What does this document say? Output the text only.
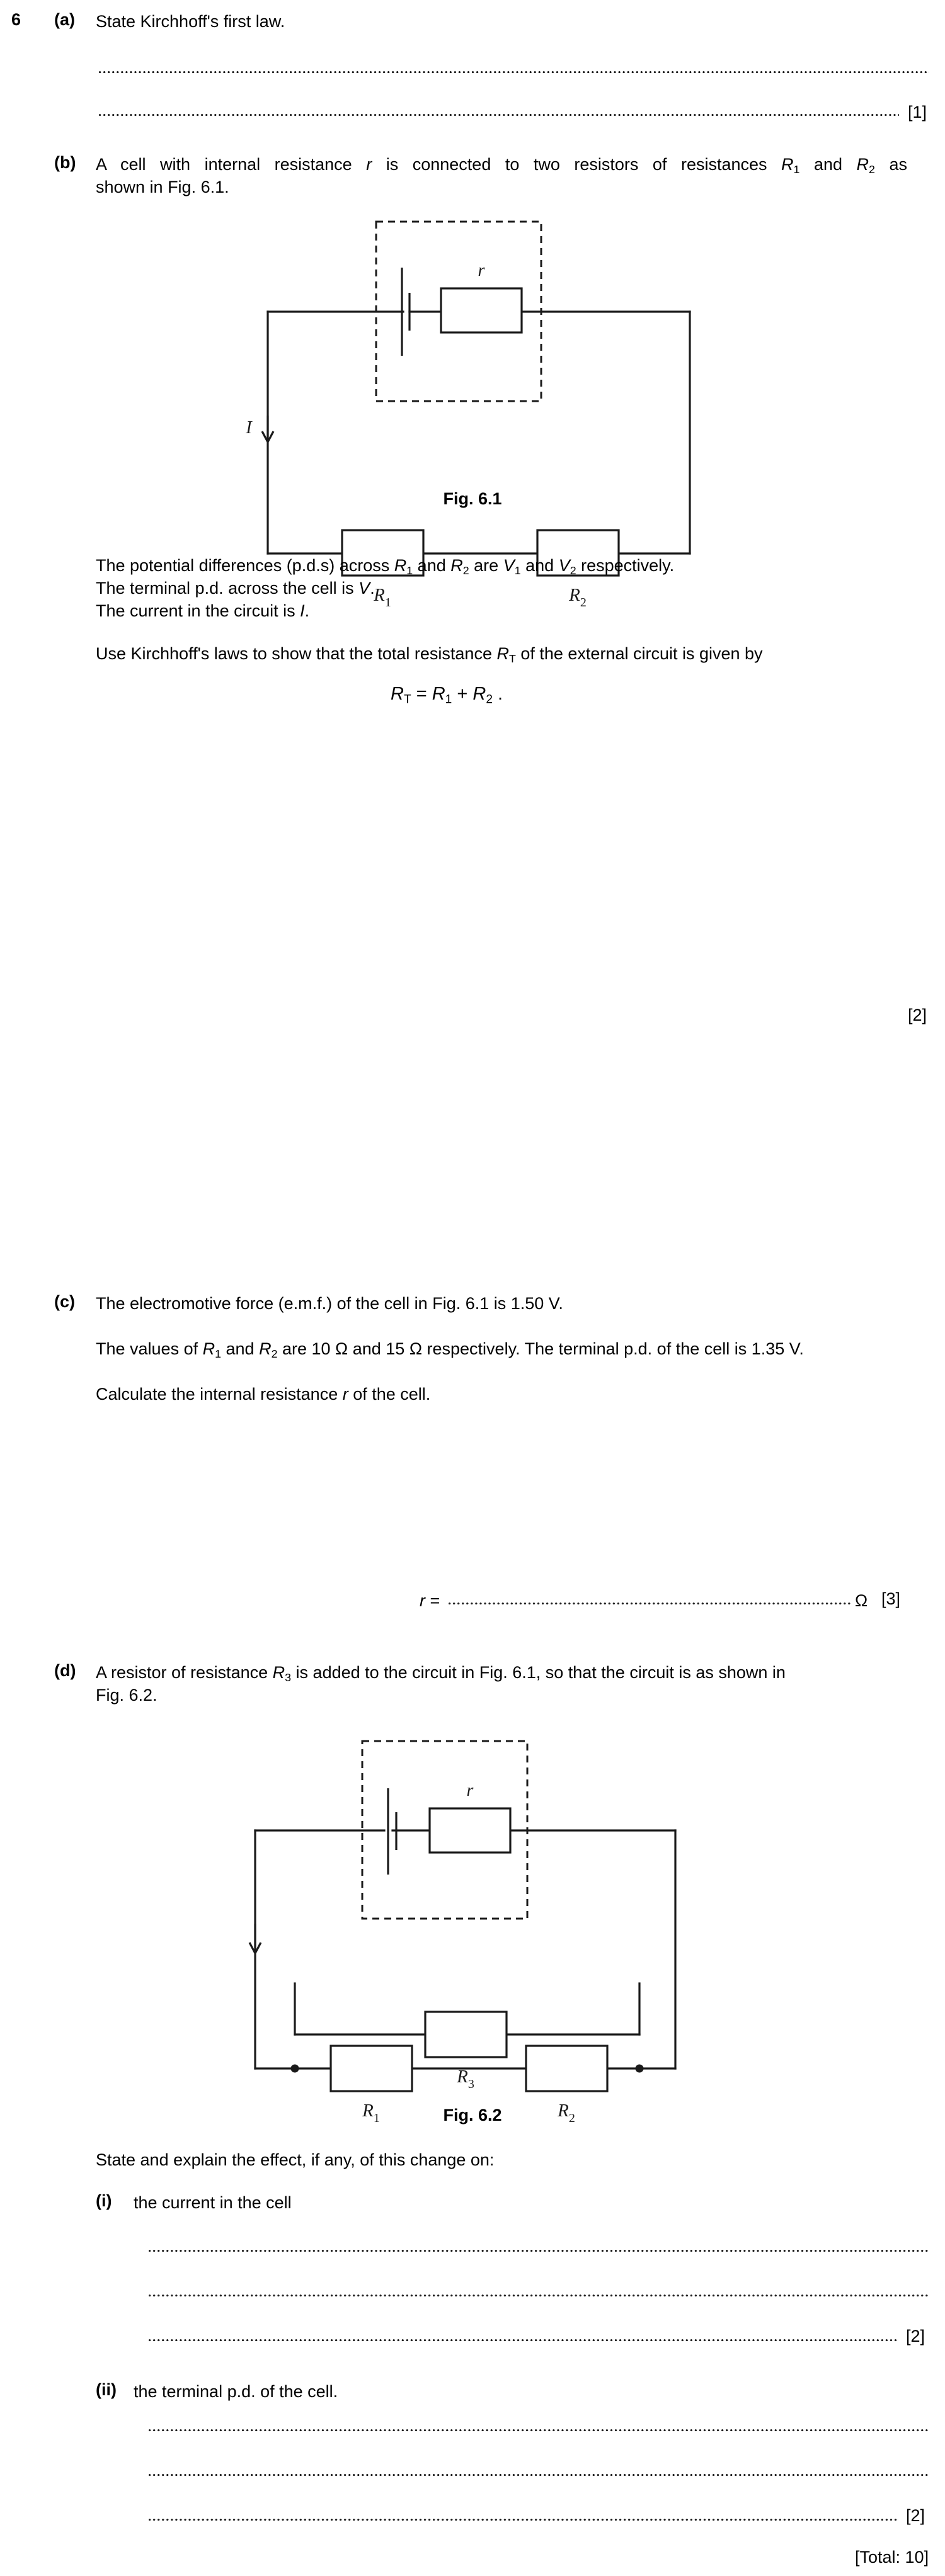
6 (a) State Kirchhoff's first law.
[1]
(b) A cell with internal resistance r is connected to two resistors of resistances $R_1$ and $R_2$ as
shown in Fig. 6.1.
r
I
$R_1$	$R_2$
Fig. 6.1
The potential differences (p.d.s) across $R_1$ and $R_2$ are $V_1$ and $V_2$ respectively.
The terminal p.d. across the cell is V.
The current in the circuit is I.
Use Kirchhoff's laws to show that the total resistance $R_T$ of the external circuit is given by
$R_T = R_1 + R_2$ .
[2]
(c) The electromotive force (e.m.f.) of the cell in Fig. 6.1 is 1.50 V.
The values of $R_1$ and $R_2$ are 10 Ω and 15 Ω respectively. The terminal p.d. of the cell is 1.35 V.
Calculate the internal resistance r of the cell.
r =	Ω [3]
(d) A resistor of resistance $R_3$ is added to the circuit in Fig. 6.1, so that the circuit is as shown in
Fig. 6.2.
r
$R_1$	$R_2$
$R_3$
Fig. 6.2
State and explain the effect, if any, of this change on:
(i) the current in the cell
[2]
(ii) the terminal p.d. of the cell.
[2]
[Total: 10]
